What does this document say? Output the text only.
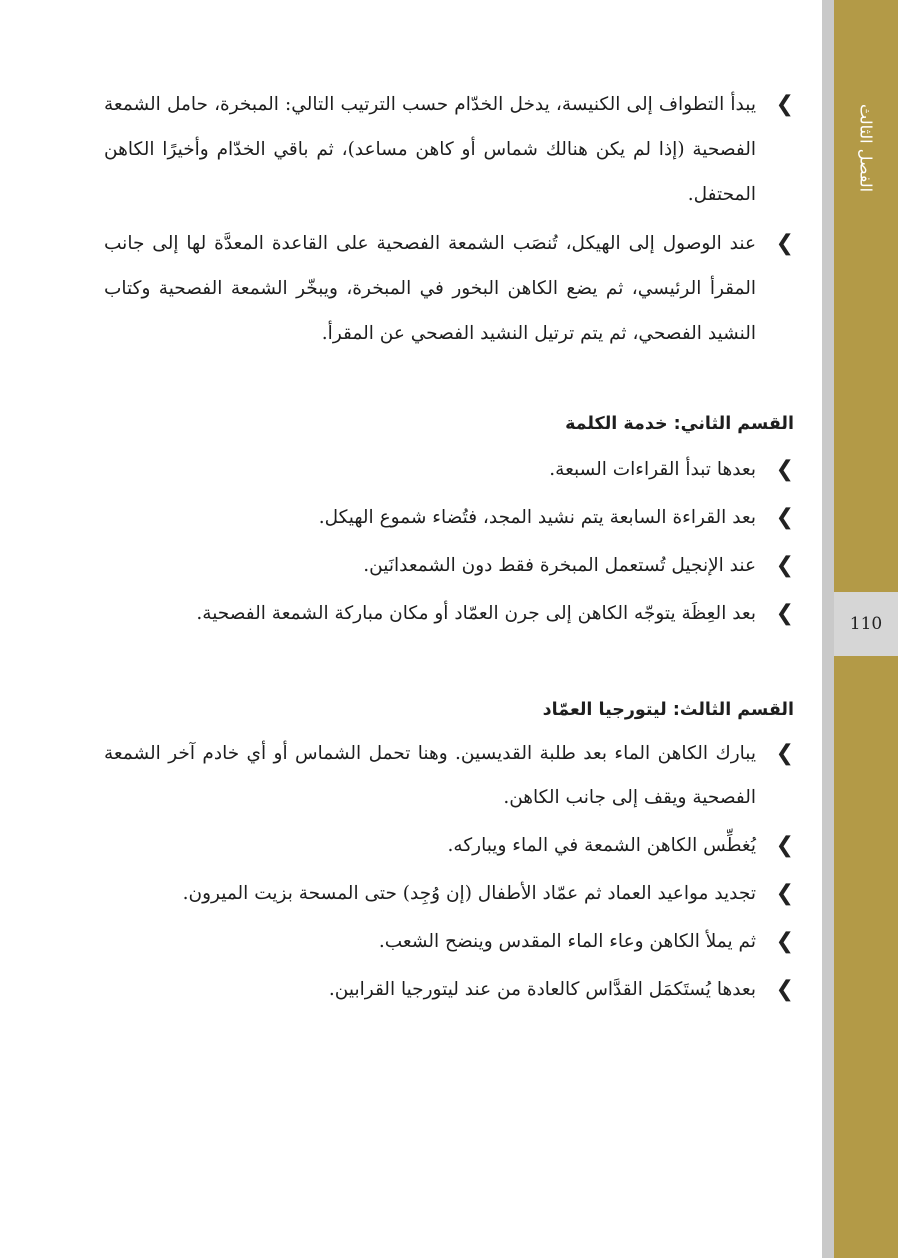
الفصل الثالث
110
❯
يبدأ التطواف إلى الكنيسة، يدخل الخدّام حسب الترتيب التالي: المبخرة، حامل الشمعة الفصحية (إذا لم يكن هنالك شماس أو كاهن مساعد)، ثم باقي الخدّام وأخيرًا الكاهن المحتفل.
❯
عند الوصول إلى الهيكل، تُنصَب الشمعة الفصحية على القاعدة المعدَّة لها إلى جانب المقرأ الرئيسي، ثم يضع الكاهن البخور في المبخرة، ويبخّر الشمعة الفصحية وكتاب النشيد الفصحي، ثم يتم ترتيل النشيد الفصحي عن المقرأ.

القسم الثاني: خدمة الكلمة

❯
بعدها تبدأ القراءات السبعة.
❯
بعد القراءة السابعة يتم نشيد المجد، فتُضاء شموع الهيكل.
❯
عند الإنجيل تُستعمل المبخرة فقط دون الشمعدانَين.
❯
بعد العِظَة يتوجّه الكاهن إلى جرن العمّاد أو مكان مباركة الشمعة الفصحية.

القسم الثالث: ليتورجيا العمّاد

❯
يبارك الكاهن الماء بعد طلبة القديسين. وهنا تحمل الشماس أو أي خادم آخر الشمعة الفصحية ويقف إلى جانب الكاهن.
❯
يُغطِّس الكاهن الشمعة في الماء ويباركه.
❯
تجديد مواعيد العماد ثم عمّاد الأطفال (إن وُجِد) حتى المسحة بزيت الميرون.
❯
ثم يملأ الكاهن وعاء الماء المقدس وينضح الشعب.
❯
بعدها يُستَكمَل القدَّاس كالعادة من عند ليتورجيا القرابين.
